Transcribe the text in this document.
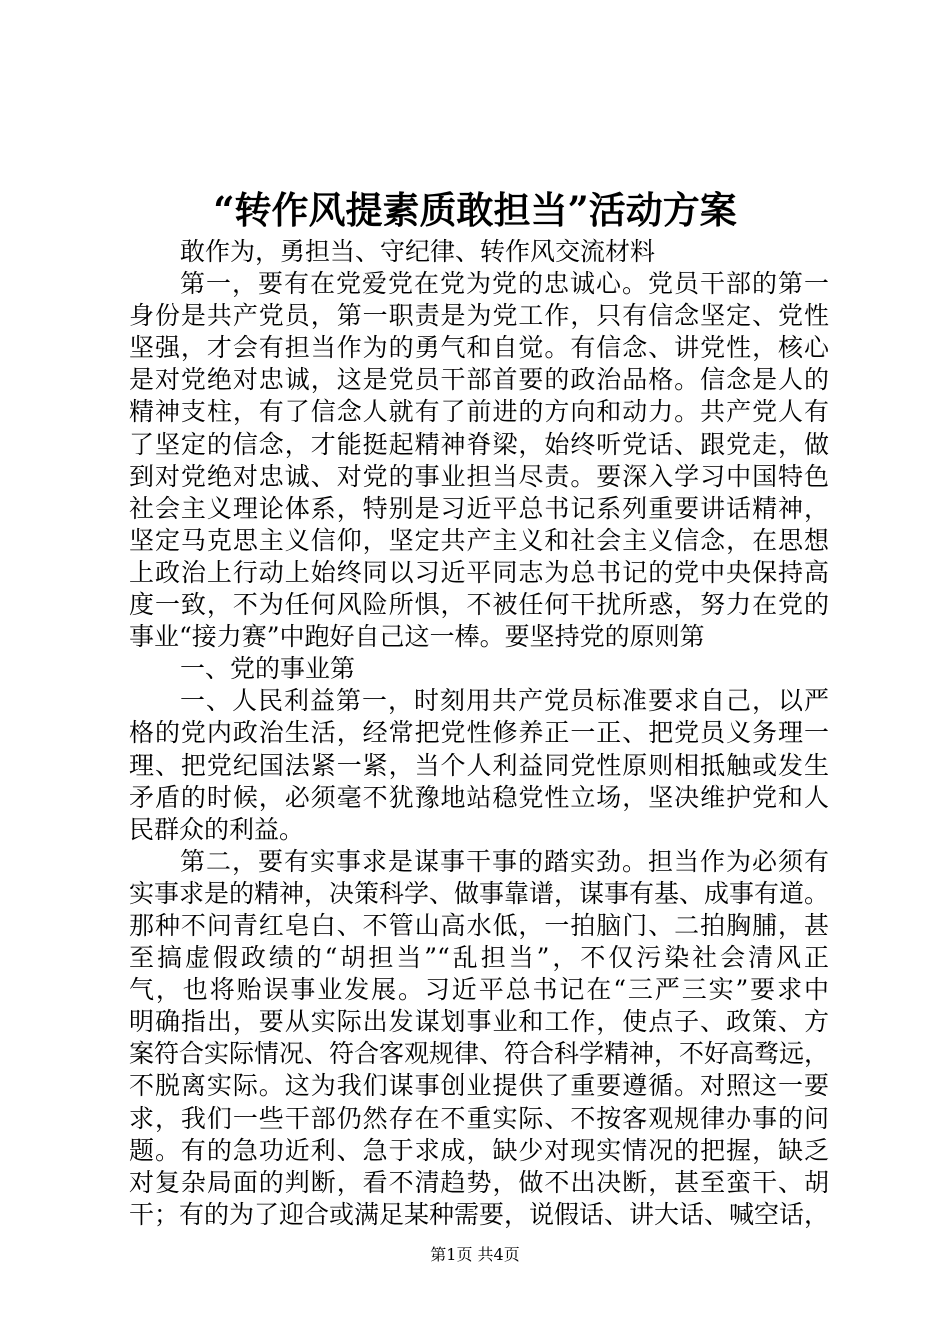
“转作风提素质敢担当”活动方案
敢作为，勇担当、守纪律、转作风交流材料
第一，要有在党爱党在党为党的忠诚心。党员干部的第一
身份是共产党员，第一职责是为党工作，只有信念坚定、党性
坚强，才会有担当作为的勇气和自觉。有信念、讲党性，核心
是对党绝对忠诚，这是党员干部首要的政治品格。信念是人的
精神支柱，有了信念人就有了前进的方向和动力。共产党人有
了坚定的信念，才能挺起精神脊梁，始终听党话、跟党走，做
到对党绝对忠诚、对党的事业担当尽责。要深入学习中国特色
社会主义理论体系，特别是习近平总书记系列重要讲话精神，
坚定马克思主义信仰，坚定共产主义和社会主义信念，在思想
上政治上行动上始终同以习近平同志为总书记的党中央保持高
度一致，不为任何风险所惧，不被任何干扰所惑，努力在党的
事业“接力赛”中跑好自己这一棒。要坚持党的原则第
一、党的事业第
一、人民利益第一，时刻用共产党员标准要求自己，以严
格的党内政治生活，经常把党性修养正一正、把党员义务理一
理、把党纪国法紧一紧，当个人利益同党性原则相抵触或发生
矛盾的时候，必须毫不犹豫地站稳党性立场，坚决维护党和人
民群众的利益。
第二，要有实事求是谋事干事的踏实劲。担当作为必须有
实事求是的精神，决策科学、做事靠谱，谋事有基、成事有道。
那种不问青红皂白、不管山高水低，一拍脑门、二拍胸脯，甚
至搞虚假政绩的“胡担当”“乱担当”，不仅污染社会清风正
气，也将贻误事业发展。习近平总书记在“三严三实”要求中
明确指出，要从实际出发谋划事业和工作，使点子、政策、方
案符合实际情况、符合客观规律、符合科学精神，不好高骛远，
不脱离实际。这为我们谋事创业提供了重要遵循。对照这一要
求，我们一些干部仍然存在不重实际、不按客观规律办事的问
题。有的急功近利、急于求成，缺少对现实情况的把握，缺乏
对复杂局面的判断，看不清趋势，做不出决断，甚至蛮干、胡
干；有的为了迎合或满足某种需要，说假话、讲大话、喊空话，
第1页 共4页
